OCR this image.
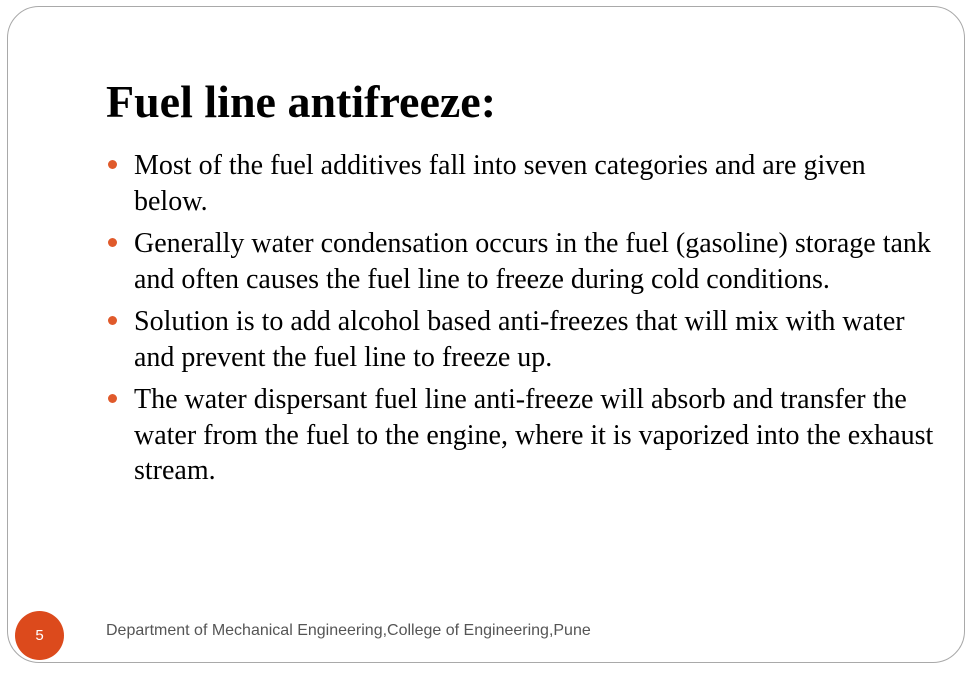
Fuel line antifreeze:
Most of the fuel additives fall into seven categories and are given below.
Generally water condensation occurs in the fuel (gasoline) storage tank and often causes the fuel line to freeze during cold conditions.
Solution is to add alcohol based anti-freezes that will mix with water and prevent the fuel line to freeze up.
The water dispersant fuel line anti-freeze will absorb and transfer the water from the fuel to the engine, where it is vaporized into the exhaust stream.
5	Department of Mechanical Engineering,College of Engineering,Pune
